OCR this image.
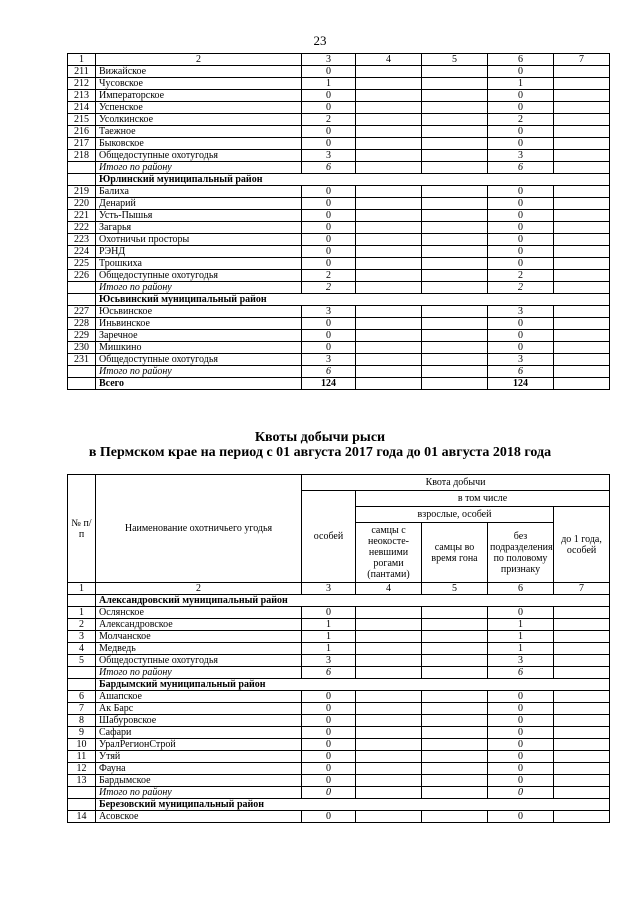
23
1	2	3	4	5	6	7
211	Вижайское	0			0	
212	Чусовское	1			1	
213	Императорское	0			0	
214	Успенское	0			0	
215	Усолкинское	2			2	
216	Таежное	0			0	
217	Быковское	0			0	
218	Общедоступные охотугодья	3			3	
	Итого по району	6			6	
	Юрлинский муниципальный район					
219	Балиха	0			0	
220	Денарий	0			0	
221	Усть-Пышья	0			0	
222	Загарья	0			0	
223	Охотничьи просторы	0			0	
224	РЭНД	0			0	
225	Трошкиха	0			0	
226	Общедоступные охотугодья	2			2	
	Итого по району	2			2	
	Юсьвинский муниципальный район					
227	Юсьвинское	3			3	
228	Иньвинское	0			0	
229	Заречное	0			0	
230	Мишкино	0			0	
231	Общедоступные охотугодья	3			3	
	Итого по району	6			6	
	Всего	124			124	
Квоты добычи рыси
в Пермском крае на период с 01 августа 2017 года до 01 августа 2018 года
№ п/п	Наименование охотничьего угодья	Квота добычи				
		особей	в том числе			
			взрослые, особей			до 1 года, особей
			самцы с неокосте-невшими рогами (пантами)	самцы во время гона	без подразделения по половому признаку	
1	2	3	4	5	6	7
	Александровский муниципальный район					
1	Ослянское	0			0	
2	Александровское	1			1	
3	Молчанское	1			1	
4	Медведь	1			1	
5	Общедоступные охотугодья	3			3	
	Итого по району	6			6	
	Бардымский муниципальный район					
6	Ашапское	0			0	
7	Ак Барс	0			0	
8	Шабуровское	0			0	
9	Сафари	0			0	
10	УралРегионСтрой	0			0	
11	Утяй	0			0	
12	Фауна	0			0	
13	Бардымское	0			0	
	Итого по району	0			0	
	Березовский муниципальный район					
14	Асовское	0			0	
